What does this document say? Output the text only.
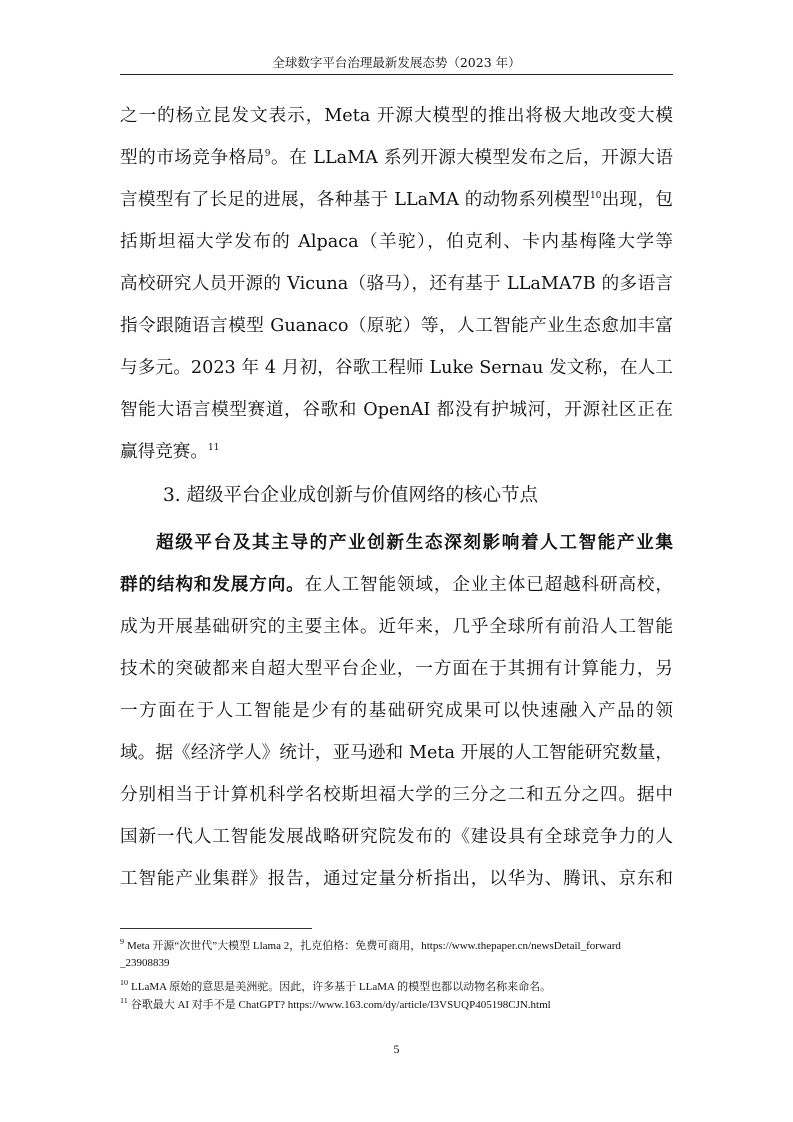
全球数字平台治理最新发展态势（2023 年）
之一的杨立昆发文表示，Meta 开源大模型的推出将极大地改变大模
型的市场竞争格局$^9$。在 LLaMA 系列开源大模型发布之后，开源大语
言模型有了长足的进展，各种基于 LLaMA 的动物系列模型$^{10}$出现，包
括斯坦福大学发布的 Alpaca（羊驼），伯克利、卡内基梅隆大学等
高校研究人员开源的 Vicuna（骆马），还有基于 LLaMA7B 的多语言
指令跟随语言模型 Guanaco（原驼）等，人工智能产业生态愈加丰富
与多元。2023 年 4 月初，谷歌工程师 Luke Sernau 发文称，在人工
智能大语言模型赛道，谷歌和 OpenAI 都没有护城河，开源社区正在
赢得竞赛。$^{11}$
3. 超级平台企业成创新与价值网络的核心节点
超级平台及其主导的产业创新生态深刻影响着人工智能产业集
群的结构和发展方向。在人工智能领域，企业主体已超越科研高校，
成为开展基础研究的主要主体。近年来，几乎全球所有前沿人工智能
技术的突破都来自超大型平台企业，一方面在于其拥有计算能力，另
一方面在于人工智能是少有的基础研究成果可以快速融入产品的领
域。据《经济学人》统计，亚马逊和 Meta 开展的人工智能研究数量，
分别相当于计算机科学名校斯坦福大学的三分之二和五分之四。据中
国新一代人工智能发展战略研究院发布的《建设具有全球竞争力的人
工智能产业集群》报告，通过定量分析指出，以华为、腾讯、京东和
$^9$ Meta 开源“次世代”大模型 Llama 2，扎克伯格：免费可商用，https://www.thepaper.cn/newsDetail_forward
_23908839
$^{10}$ LLaMA 原始的意思是美洲驼。因此，许多基于 LLaMA 的模型也都以动物名称来命名。
$^{11}$ 谷歌最大 AI 对手不是 ChatGPT? https://www.163.com/dy/article/I3VSUQP405198CJN.html
5
